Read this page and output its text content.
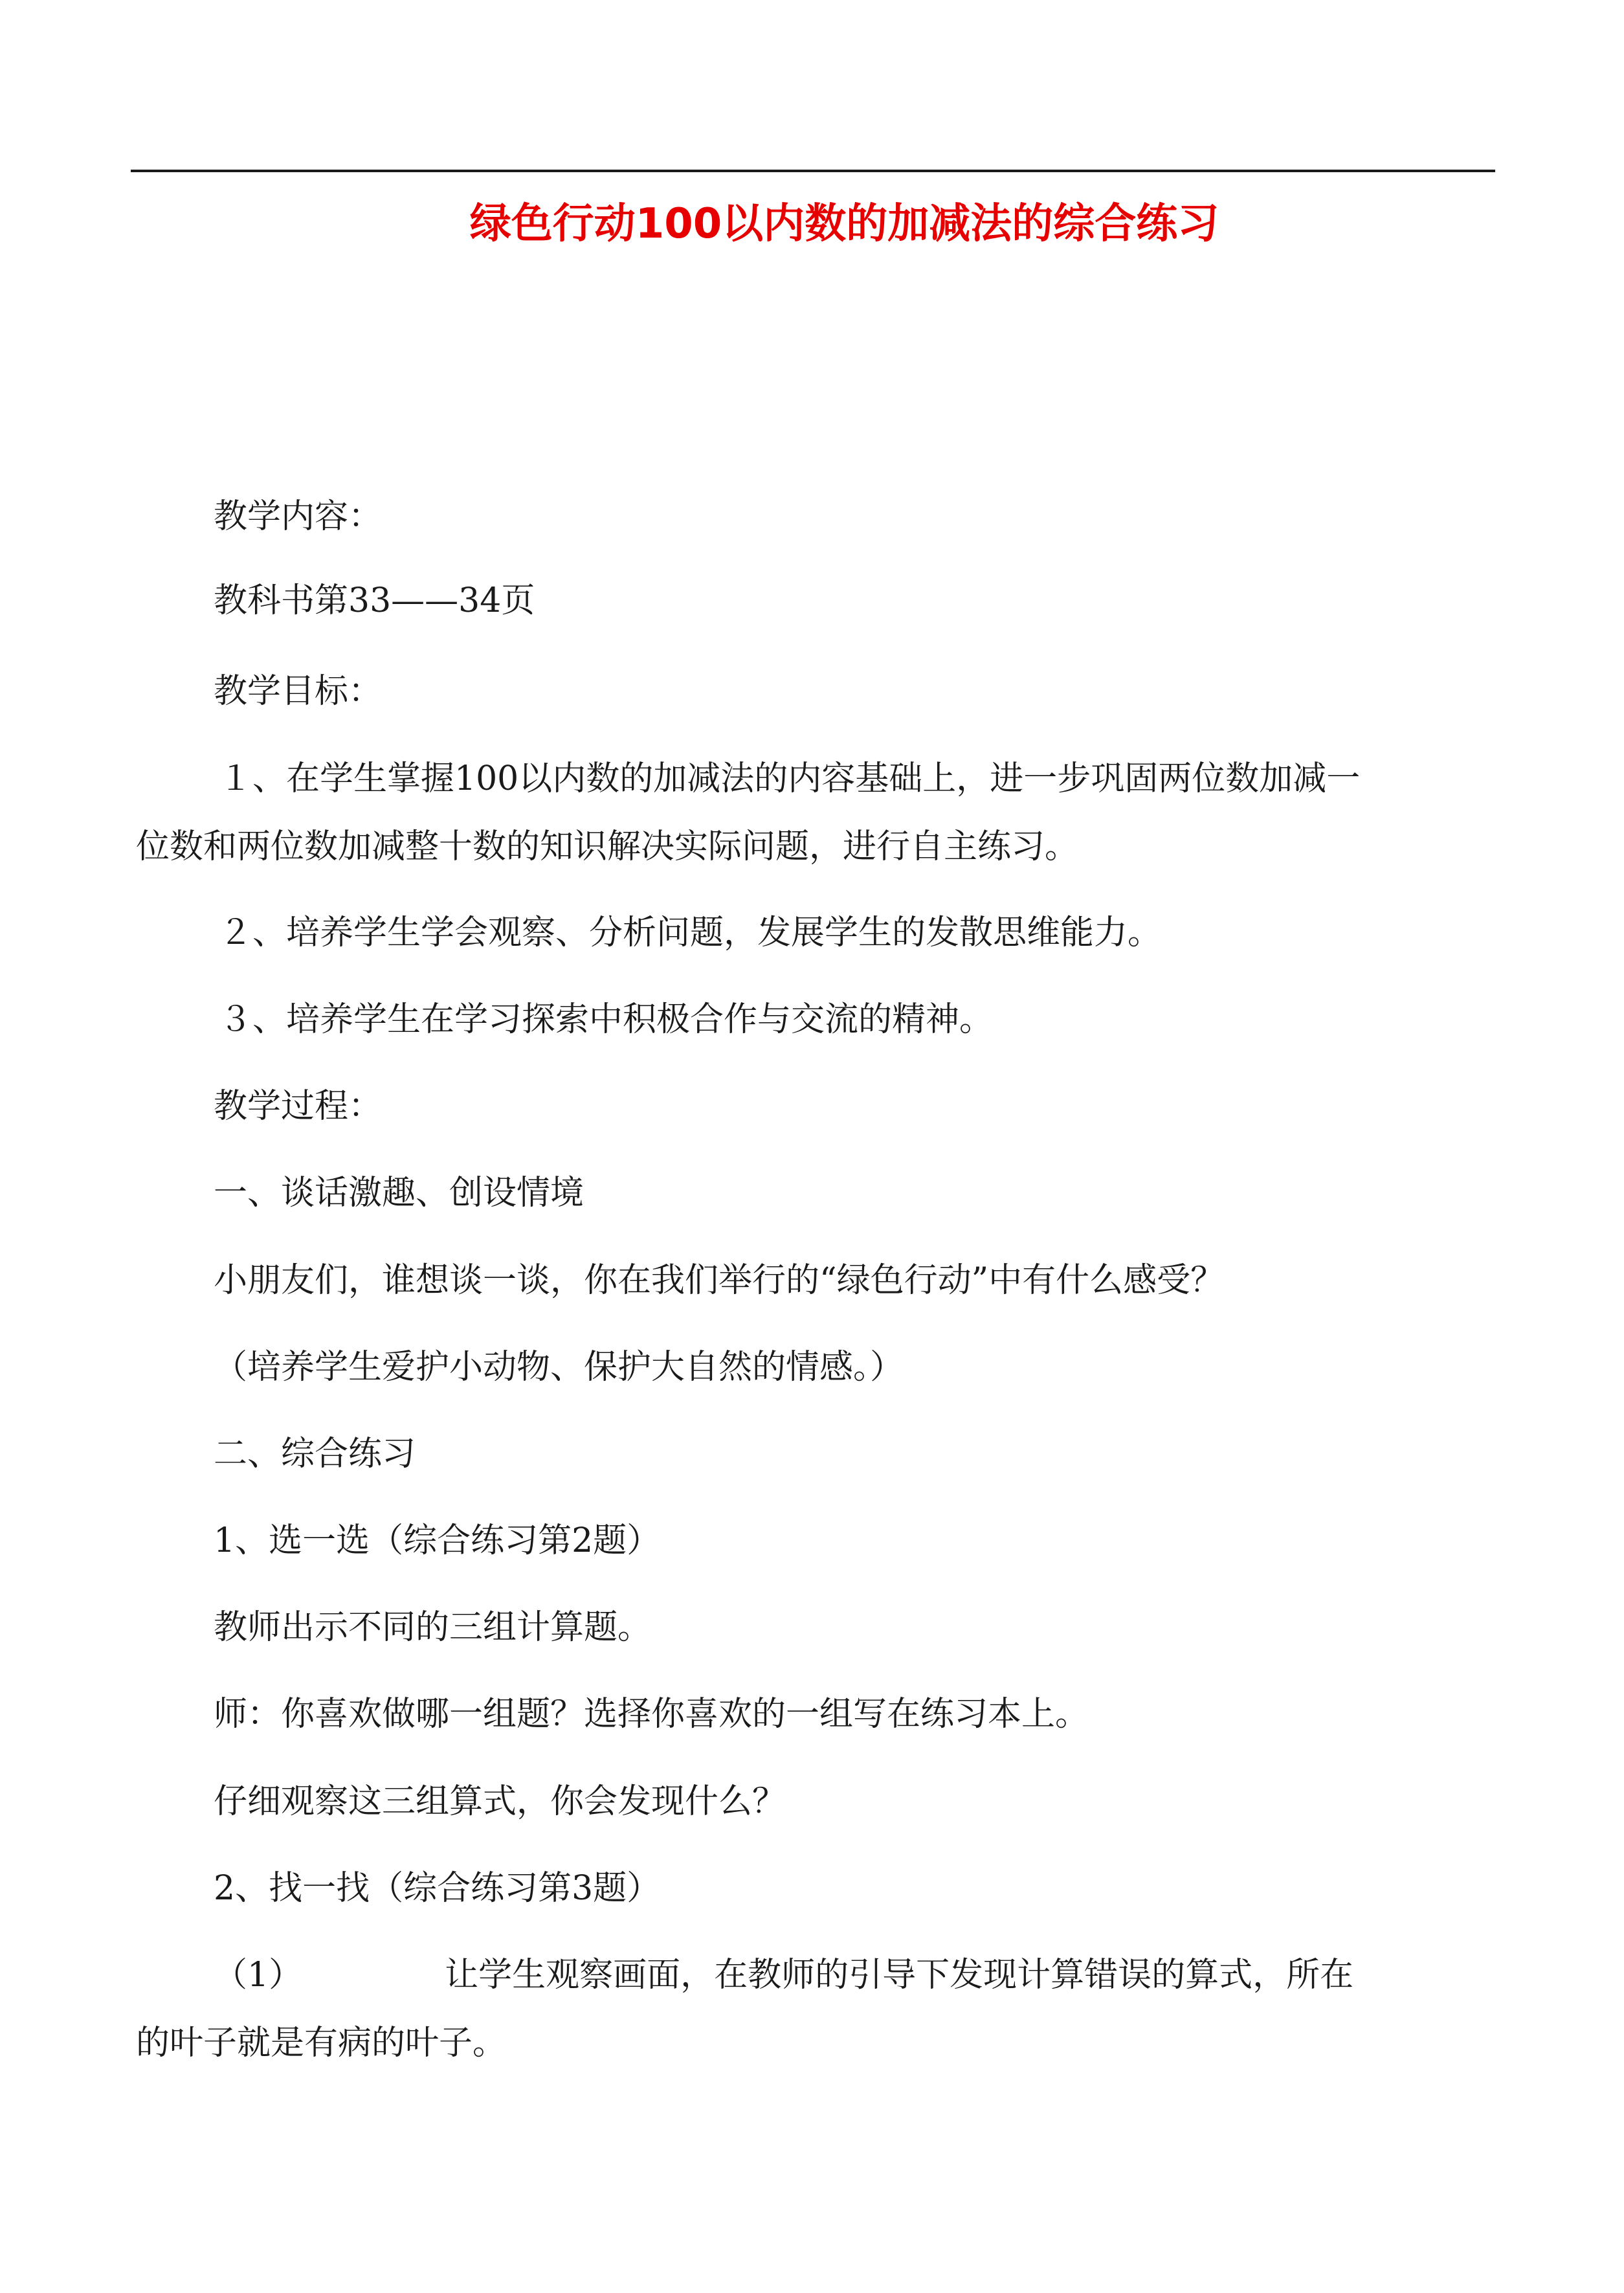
绿色行动100以内数的加减法的综合练习
教学内容：
教科书第33——34页
教学目标：
１、在学生掌握100以内数的加减法的内容基础上，进一步巩固两位数加减一
位数和两位数加减整十数的知识解决实际问题，进行自主练习。
２、培养学生学会观察、分析问题，发展学生的发散思维能力。
３、培养学生在学习探索中积极合作与交流的精神。
教学过程：
一、谈话激趣、创设情境
小朋友们，谁想谈一谈，你在我们举行的“绿色行动”中有什么感受？
（培养学生爱护小动物、保护大自然的情感。）
二、综合练习
1、选一选（综合练习第2题）
教师出示不同的三组计算题。
师：你喜欢做哪一组题？选择你喜欢的一组写在练习本上。
仔细观察这三组算式，你会发现什么？
2、找一找（综合练习第3题）
（1）	让学生观察画面，在教师的引导下发现计算错误的算式，所在
的叶子就是有病的叶子。
